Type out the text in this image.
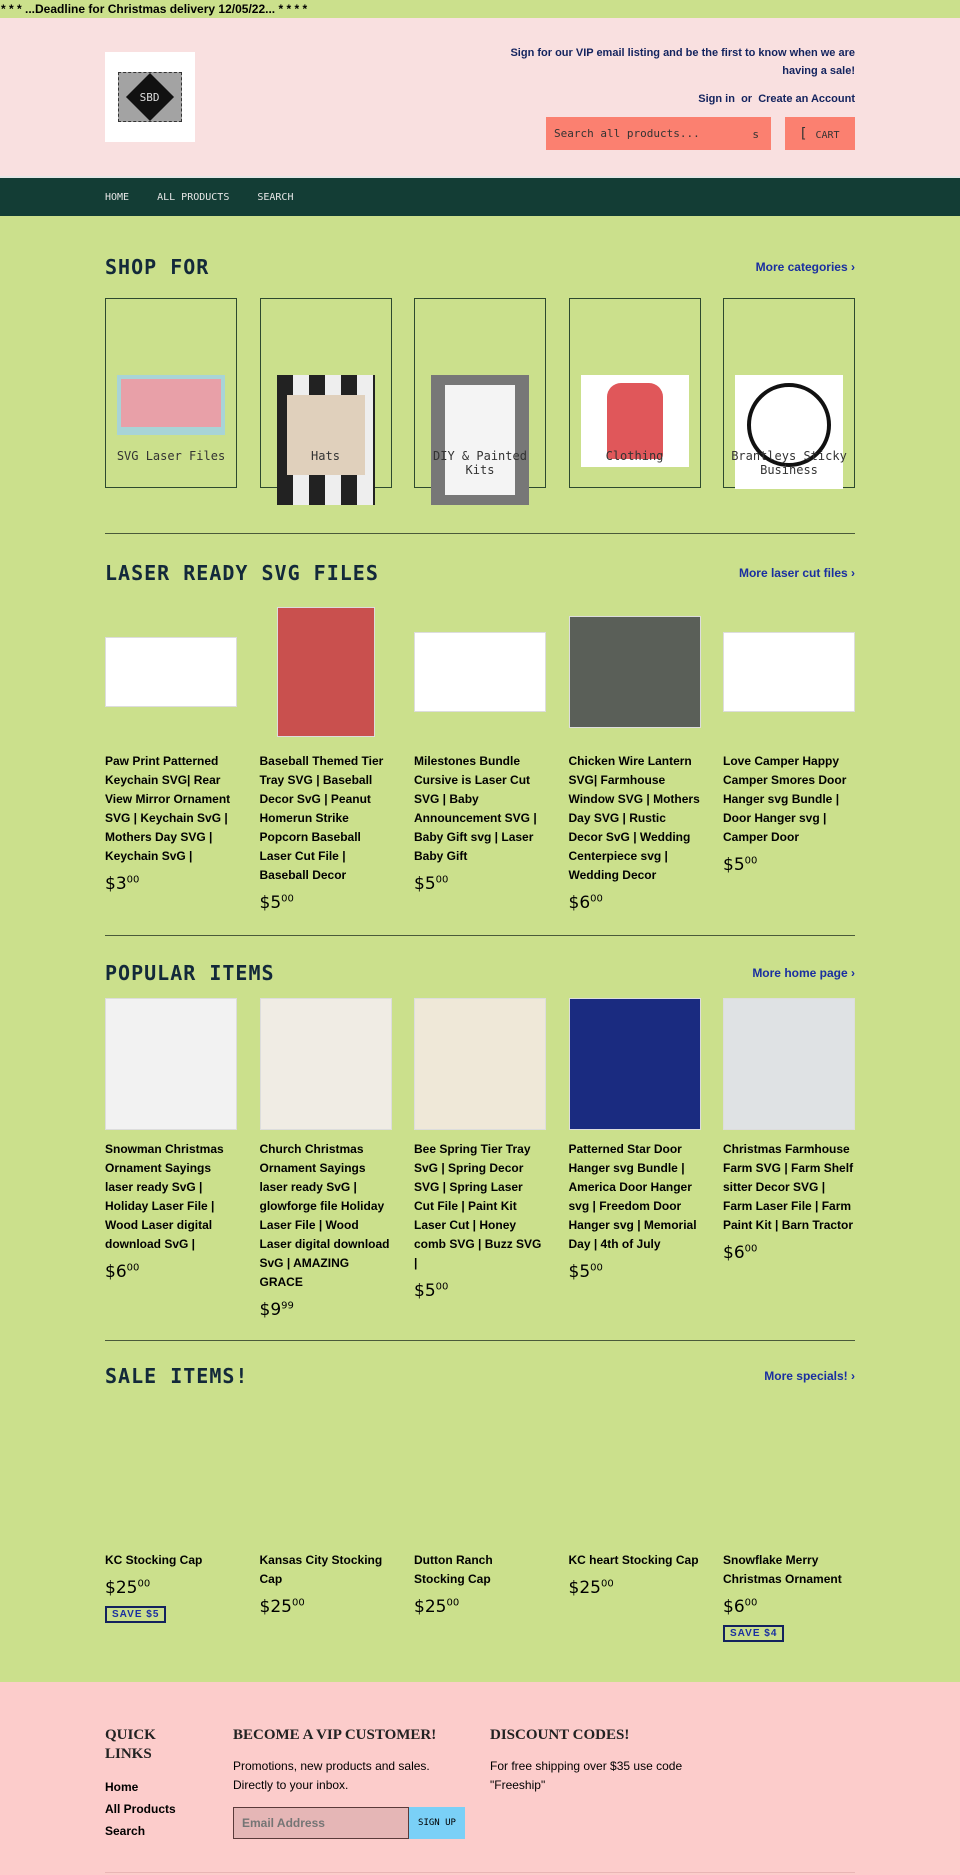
* * * ...Deadline for Christmas delivery 12/05/22... * * * *
SBD
Sign for our VIP email listing and be the first to know when we are having a sale!
Sign in or Create an Account
Search all products...	s	[ CART
HOME	ALL PRODUCTS	SEARCH
SHOP FOR	More categories ›
SVG Laser Files	Hats	DIY & Painted Kits
Clothing	Brantleys Sticky Business
LASER READY SVG FILES	More laser cut files ›
Paw Print Patterned Keychain SVG| Rear View Mirror Ornament SVG | Keychain SvG | Mothers Day SVG | Keychain SvG |
$\$3^{00}$
Baseball Themed Tier Tray SVG | Baseball Decor SvG | Peanut Homerun Strike Popcorn Baseball Laser Cut File | Baseball Decor
$\$5^{00}$
Milestones Bundle Cursive is Laser Cut SVG | Baby Announcement SVG | Baby Gift svg | Laser Baby Gift
$\$5^{00}$
Chicken Wire Lantern SVG| Farmhouse Window SVG | Mothers Day SVG | Rustic Decor SvG | Wedding Centerpiece svg | Wedding Decor
$\$6^{00}$
Love Camper Happy Camper Smores Door Hanger svg Bundle | Door Hanger svg | Camper Door
$\$5^{00}$
POPULAR ITEMS	More home page ›
Snowman Christmas Ornament Sayings laser ready SvG | Holiday Laser File | Wood Laser digital download SvG |
$\$6^{00}$
Church Christmas Ornament Sayings laser ready SvG | glowforge file Holiday Laser File | Wood Laser digital download SvG | AMAZING GRACE
$\$9^{99}$
Bee Spring Tier Tray SvG | Spring Decor SVG | Spring Laser Cut File | Paint Kit Laser Cut | Honey comb SVG | Buzz SVG |
$\$5^{00}$
Patterned Star Door Hanger svg Bundle | America Door Hanger svg | Freedom Door Hanger svg | Memorial Day | 4th of July
$\$5^{00}$
Christmas Farmhouse Farm SVG | Farm Shelf sitter Decor SVG | Farm Laser File | Farm Paint Kit | Barn Tractor
$\$6^{00}$
SALE ITEMS!	More specials! ›
KC Stocking Cap
$\$25^{00}$
SAVE $5
Kansas City Stocking Cap
$\$25^{00}$
Dutton Ranch Stocking Cap
$\$25^{00}$
KC heart Stocking Cap
$\$25^{00}$
Snowflake Merry Christmas Ornament
$\$6^{00}$
SAVE $4
QUICK LINKS
Home
All Products
Search
BECOME A VIP CUSTOMER!
Promotions, new products and sales. Directly to your inbox.
Email Address
SIGN UP
DISCOUNT CODES!
For free shipping over $35 use code "Freeship"
